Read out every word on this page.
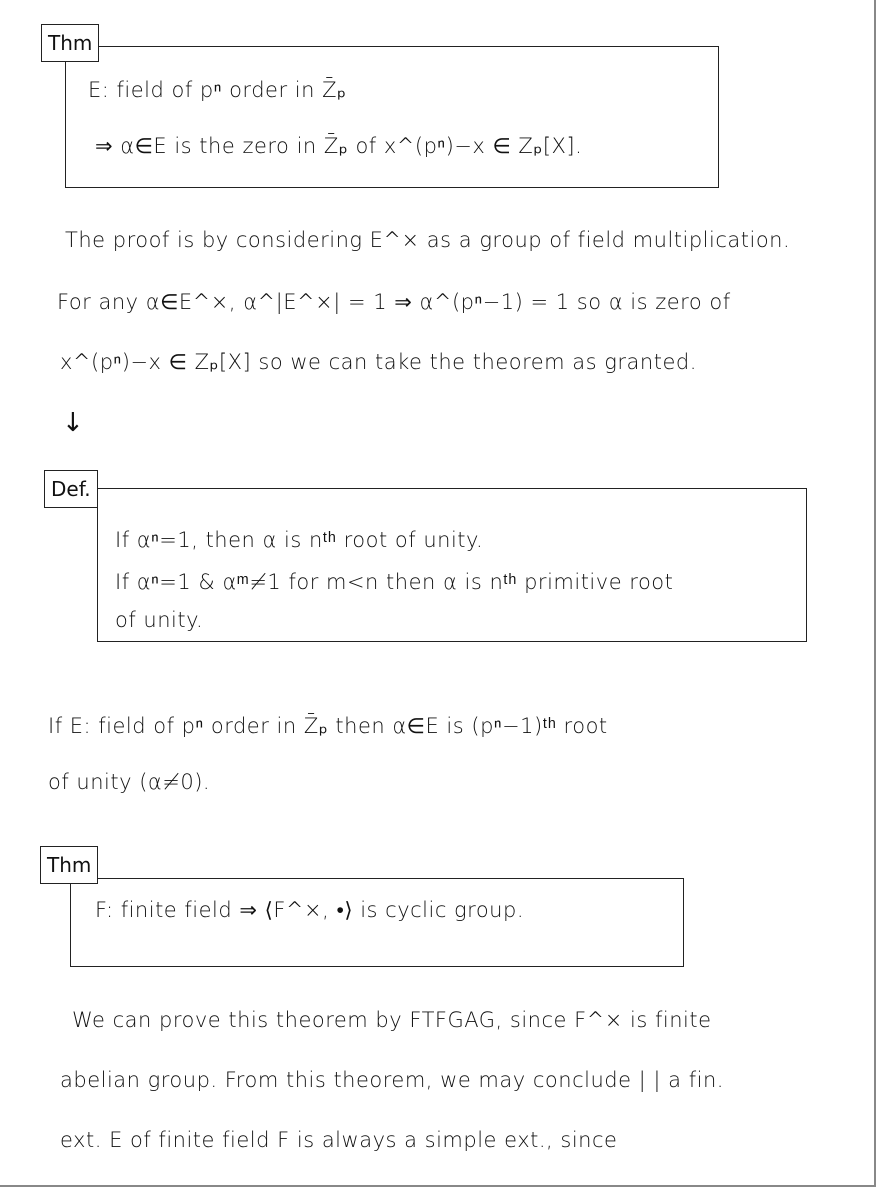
Thm
E: field of pⁿ order in Z̄ₚ
⇒ α∈E is the zero in Z̄ₚ of x^(pⁿ)−x ∈ Zₚ[X].
The proof is by considering E^× as a group of field multiplication.
For any α∈E^×, α^|E^×| = 1 ⇒ α^(pⁿ−1) = 1 so α is zero of
x^(pⁿ)−x ∈ Zₚ[X] so we can take the theorem as granted.
↓
Def.
If αⁿ=1, then α is nᵗʰ root of unity.
If αⁿ=1 & αᵐ≠1 for m<n then α is nᵗʰ primitive root
of unity.
If E: field of pⁿ order in Z̄ₚ then α∈E is (pⁿ−1)ᵗʰ root
of unity (α≠0).
Thm
F: finite field ⇒ ⟨F^×, •⟩ is cyclic group.
We can prove this theorem by FTFGAG, since F^× is finite
abelian group. From this theorem, we may conclude | | a fin.
ext. E of finite field F is always a simple ext., since
